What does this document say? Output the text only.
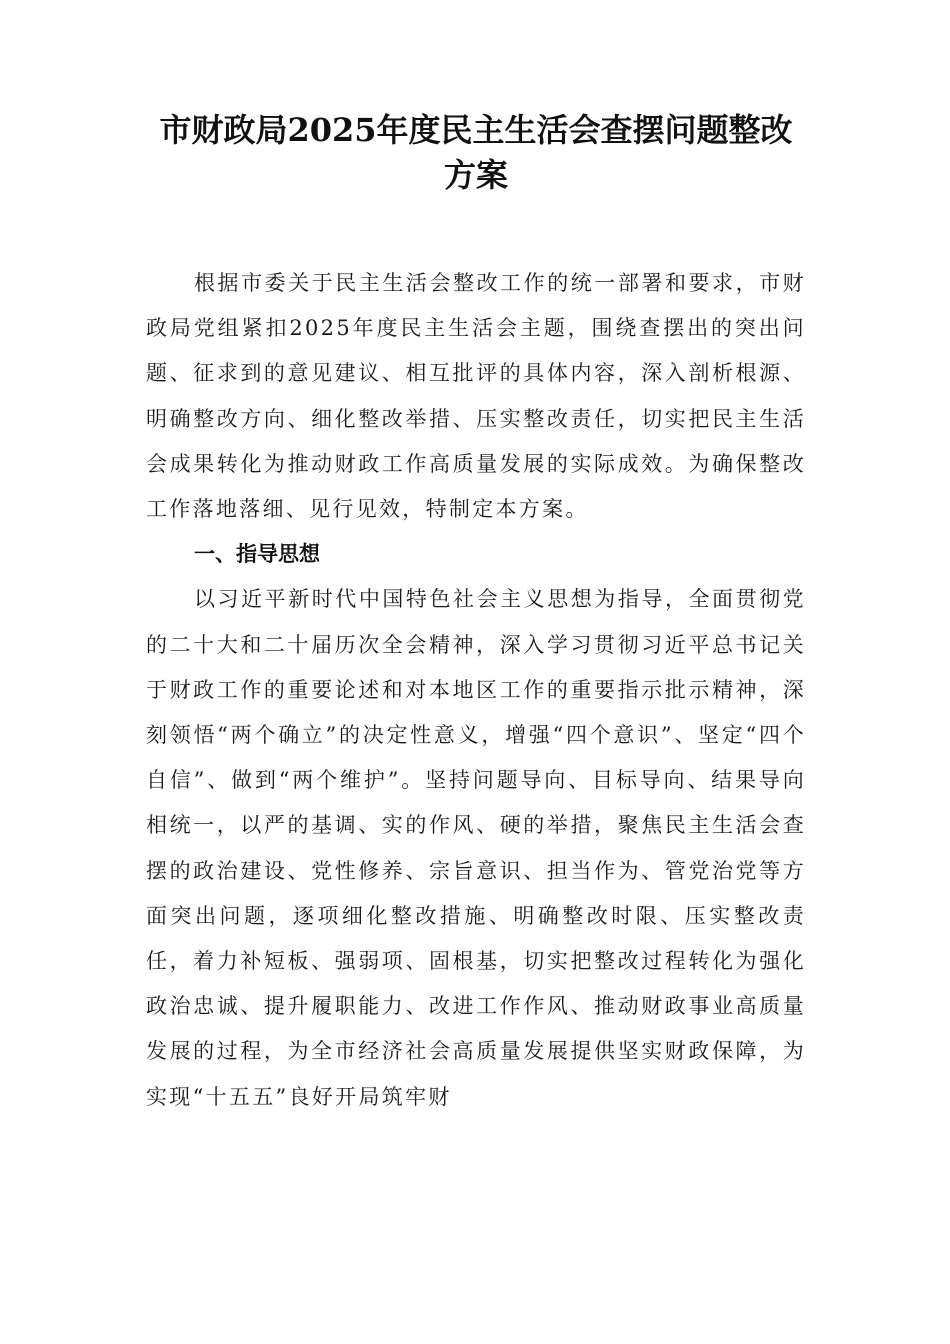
市财政局2025年度民主生活会查摆问题整改方案

根据市委关于民主生活会整改工作的统一部署和要求，市财政局党组紧扣2025年度民主生活会主题，围绕查摆出的突出问题、征求到的意见建议、相互批评的具体内容，深入剖析根源、明确整改方向、细化整改举措、压实整改责任，切实把民主生活会成果转化为推动财政工作高质量发展的实际成效。为确保整改工作落地落细、见行见效，特制定本方案。

一、指导思想

以习近平新时代中国特色社会主义思想为指导，全面贯彻党的二十大和二十届历次全会精神，深入学习贯彻习近平总书记关于财政工作的重要论述和对本地区工作的重要指示批示精神，深刻领悟“两个确立”的决定性意义，增强“四个意识”、坚定“四个自信”、做到“两个维护”。坚持问题导向、目标导向、结果导向相统一，以严的基调、实的作风、硬的举措，聚焦民主生活会查摆的政治建设、党性修养、宗旨意识、担当作为、管党治党等方面突出问题，逐项细化整改措施、明确整改时限、压实整改责任，着力补短板、强弱项、固根基，切实把整改过程转化为强化政治忠诚、提升履职能力、改进工作作风、推动财政事业高质量发展的过程，为全市经济社会高质量发展提供坚实财政保障，为实现“十五五”良好开局筑牢财
